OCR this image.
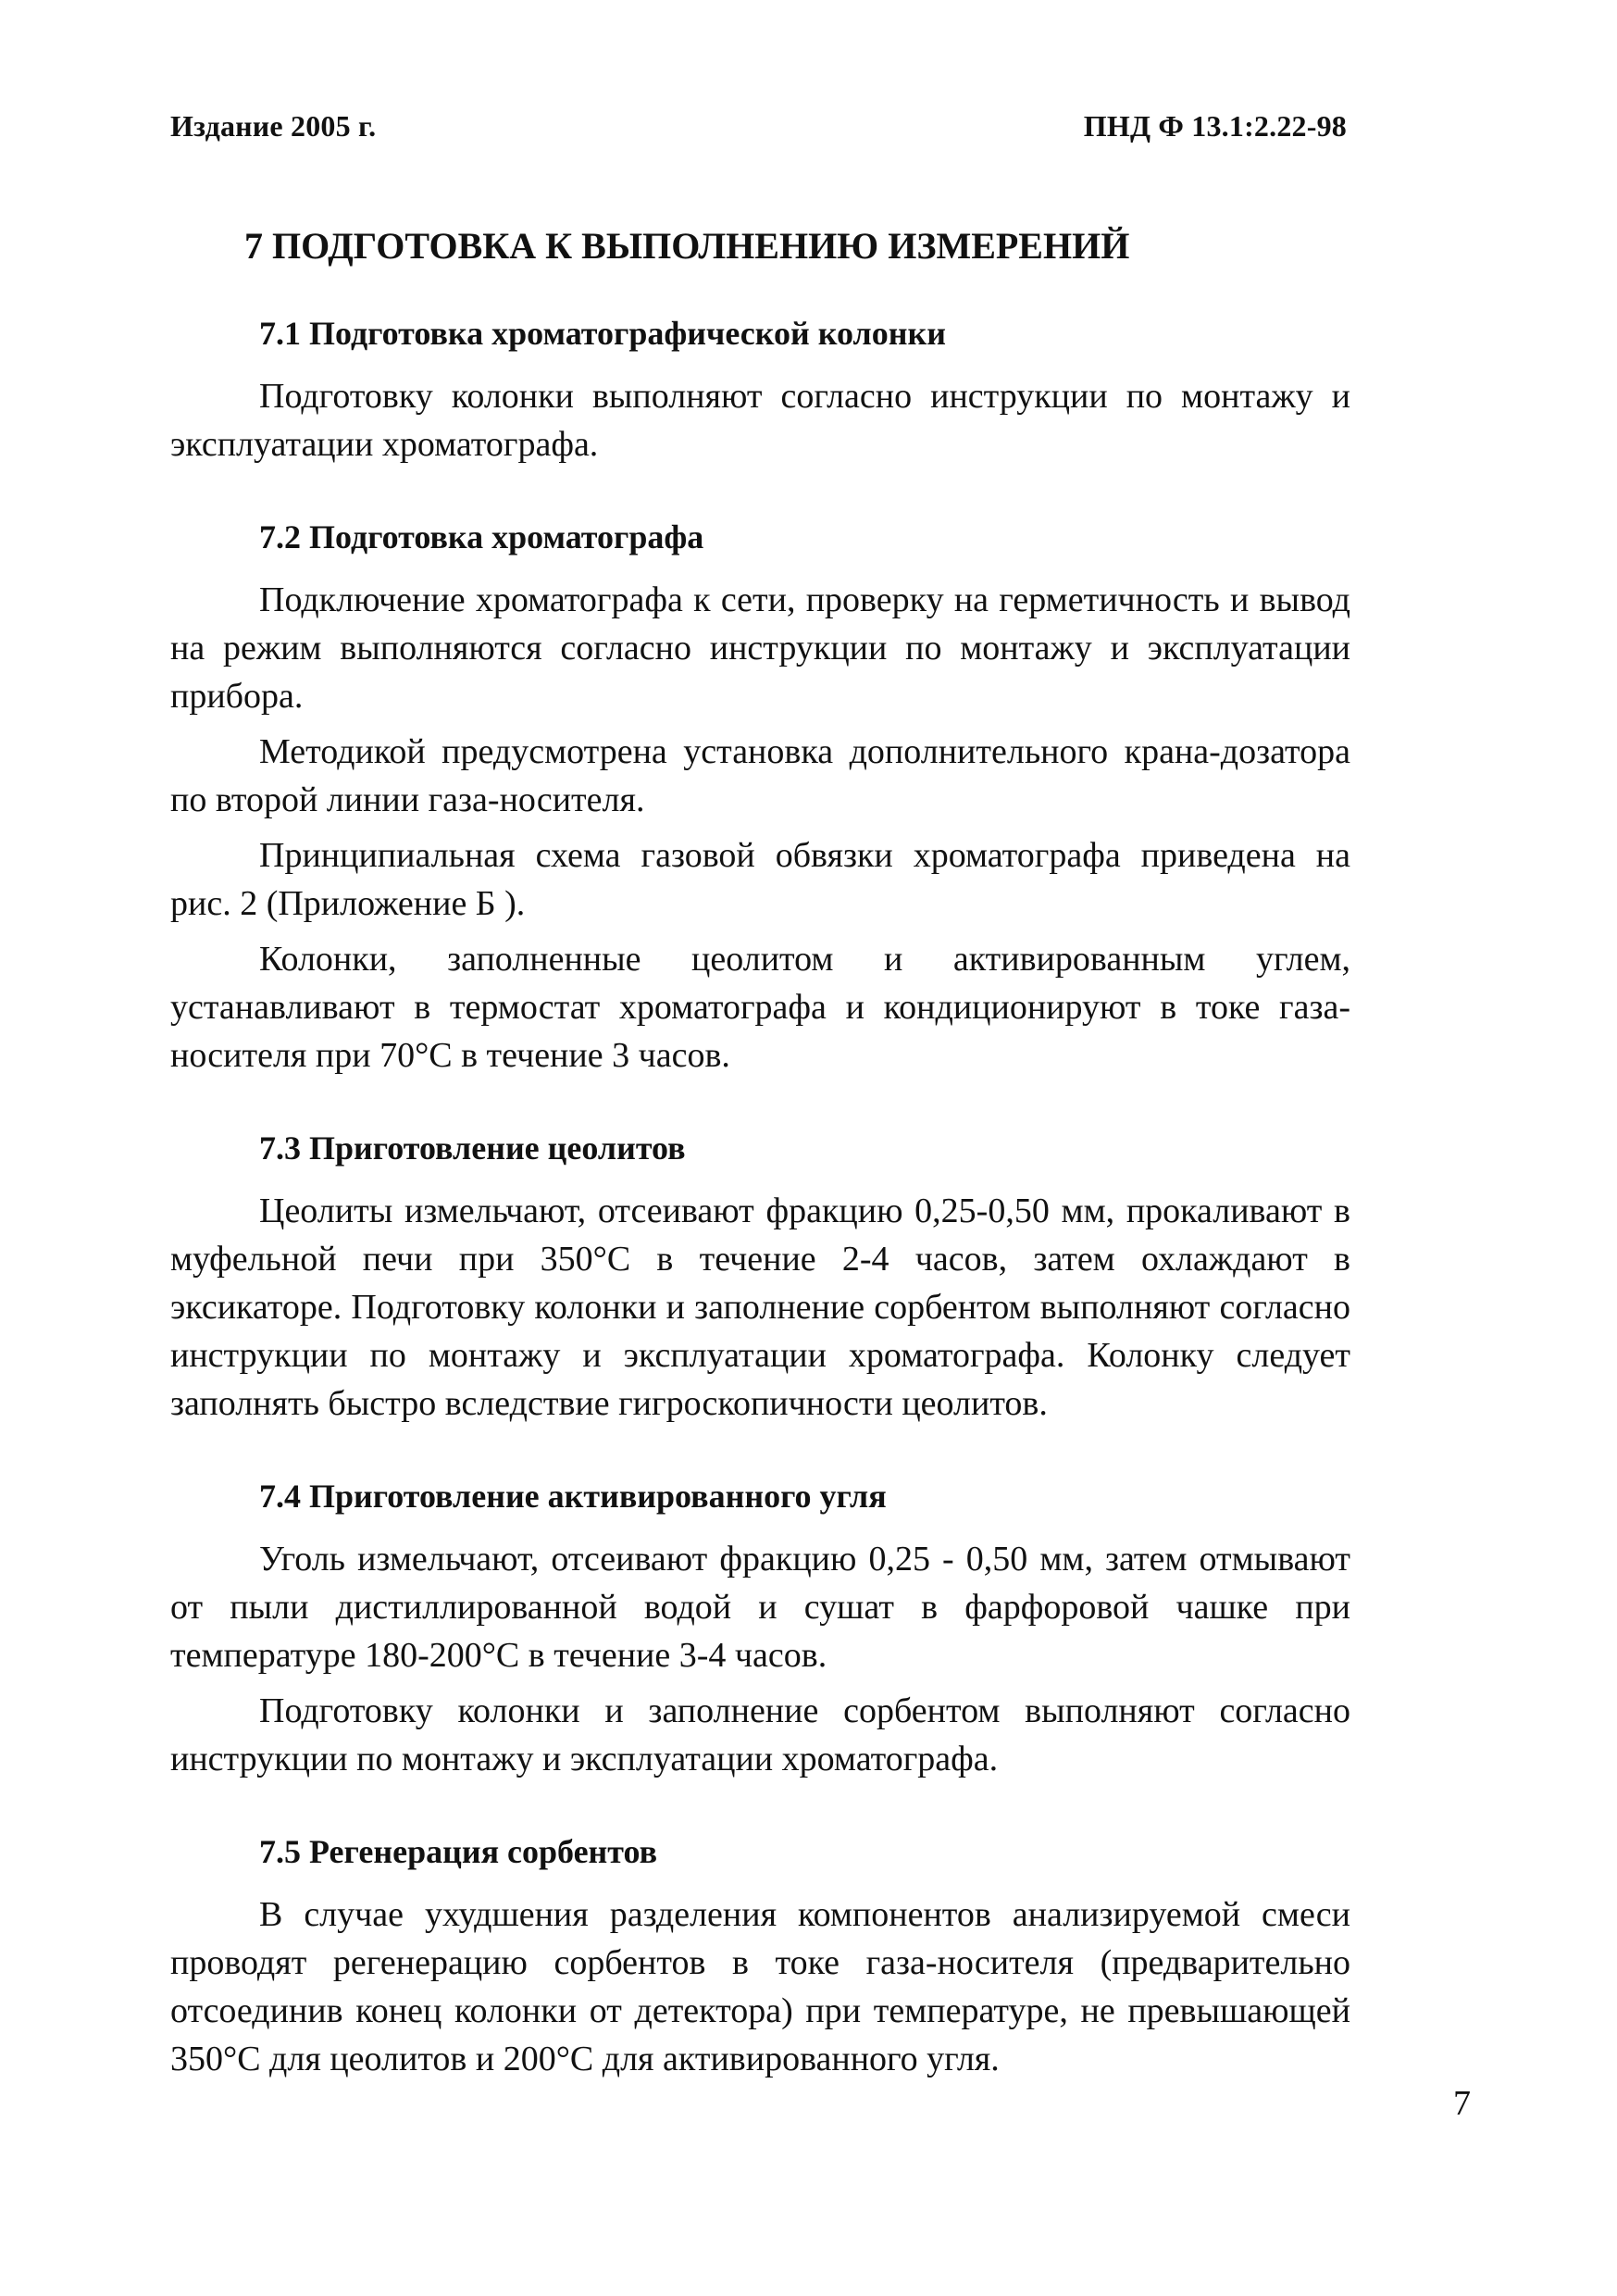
Издание 2005 г.	ПНД Ф 13.1:2.22-98
7 ПОДГОТОВКА К ВЫПОЛНЕНИЮ ИЗМЕРЕНИЙ
7.1 Подготовка хроматографической колонки

Подготовку колонки выполняют согласно инструкции по монтажу и эксплуатации хроматографа.

7.2 Подготовка хроматографа

Подключение хроматографа к сети, проверку на герметичность и вывод на режим выполняются согласно инструкции по монтажу и эксплуатации прибора.

Методикой предусмотрена установка дополнительного крана-дозатора по второй линии газа-носителя.

Принципиальная схема газовой обвязки хроматографа приведена на рис. 2 (Приложение Б ).

Колонки, заполненные цеолитом и активированным углем, устанавливают в термостат хроматографа и кондиционируют в токе газа-носителя при 70°С в течение 3 часов.

7.3 Приготовление цеолитов

Цеолиты измельчают, отсеивают фракцию 0,25-0,50 мм, прокаливают в муфельной печи при 350°С в течение 2-4 часов, затем охлаждают в эксикаторе. Подготовку колонки и заполнение сорбентом выполняют согласно инструкции по монтажу и эксплуатации хроматографа. Колонку следует заполнять быстро вследствие гигроскопичности цеолитов.

7.4 Приготовление активированного угля

Уголь измельчают, отсеивают фракцию 0,25 - 0,50 мм, затем отмывают от пыли дистиллированной водой и сушат в фарфоровой чашке при температуре 180-200°С в течение 3-4 часов.

Подготовку колонки и заполнение сорбентом выполняют согласно инструкции по монтажу и эксплуатации хроматографа.

7.5 Регенерация сорбентов

В случае ухудшения разделения компонентов анализируемой смеси проводят регенерацию сорбентов в токе газа-носителя (предварительно отсоединив конец колонки от детектора) при температуре, не превышающей 350°С для цеолитов и 200°С для активированного угля.

7
